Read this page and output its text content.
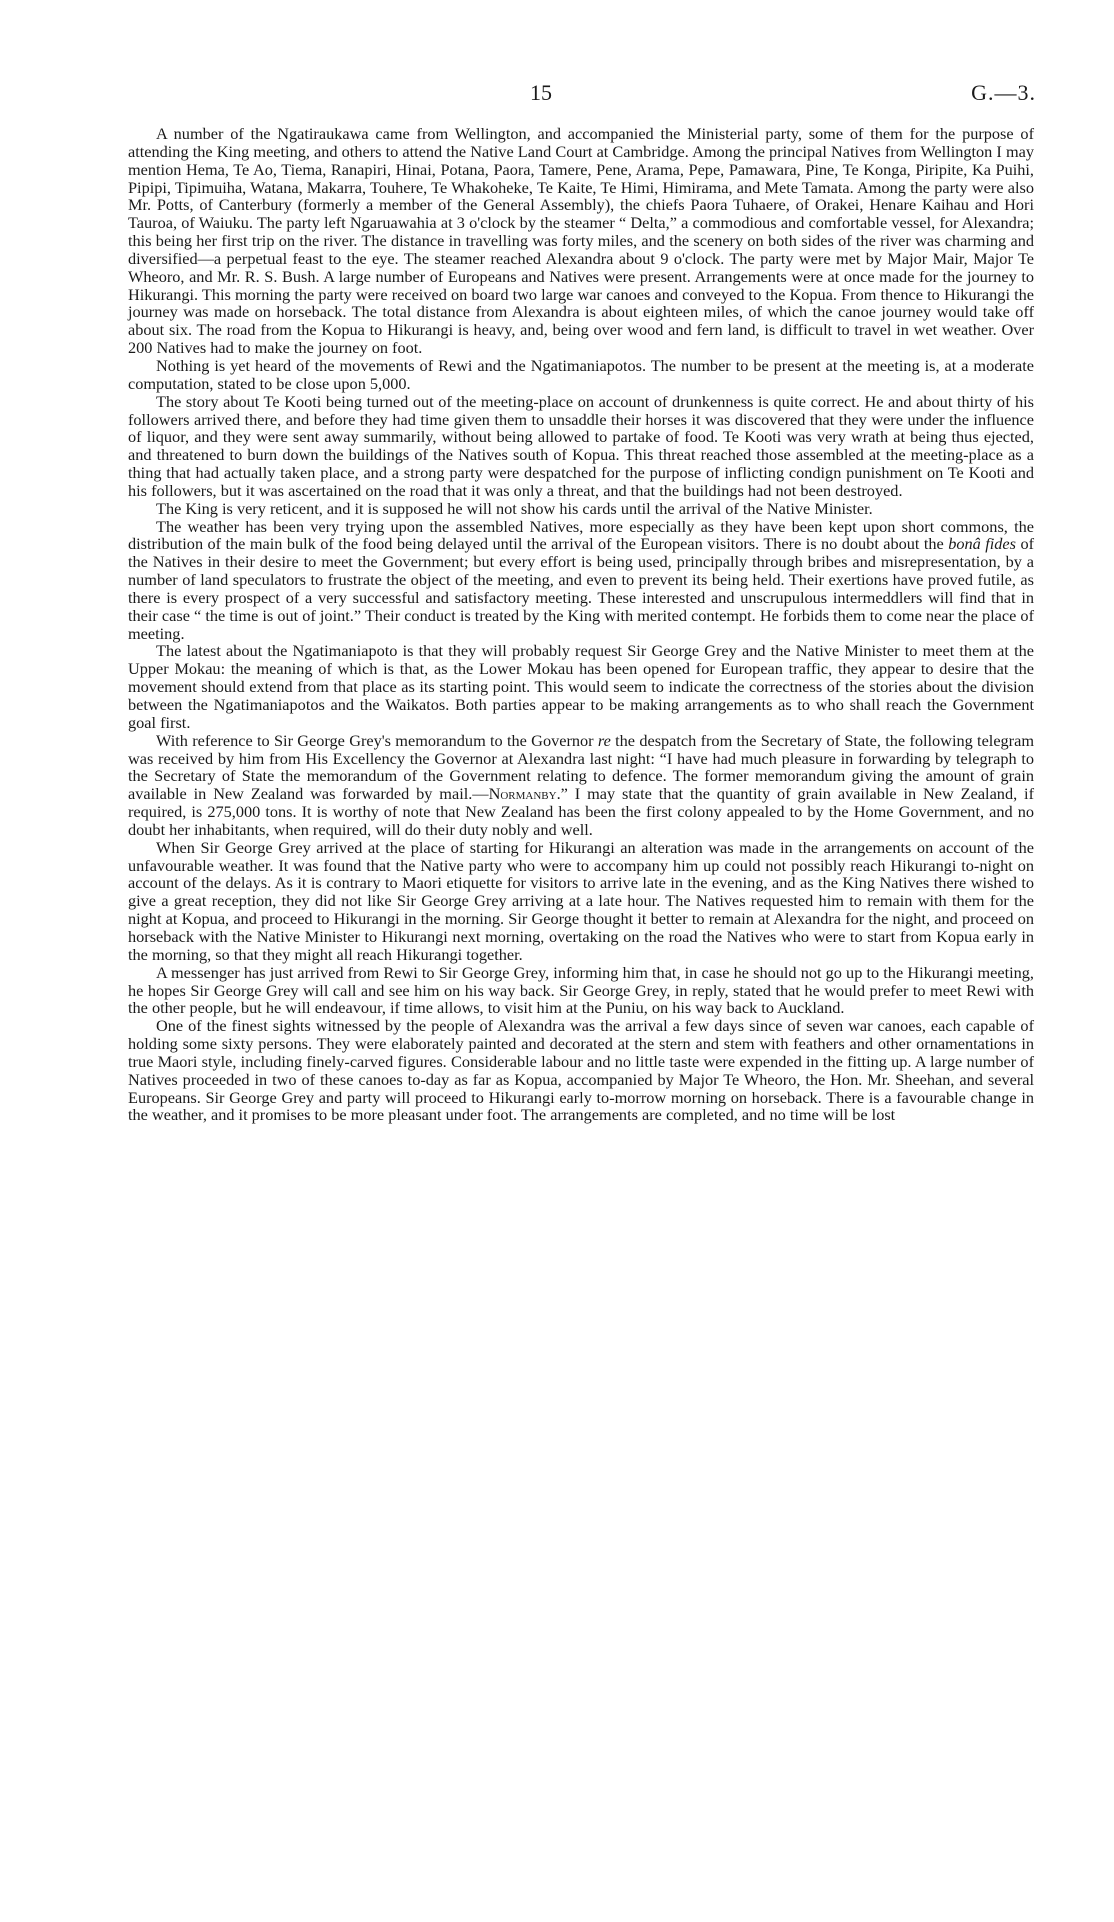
15	G.—3.

A number of the Ngatiraukawa came from Wellington, and accompanied the Ministerial party, some of them for the purpose of attending the King meeting, and others to attend the Native Land Court at Cambridge. Among the principal Natives from Wellington I may mention Hema, Te Ao, Tiema, Ranapiri, Hinai, Potana, Paora, Tamere, Pene, Arama, Pepe, Pamawara, Pine, Te Konga, Piripite, Ka Puihi, Pipipi, Tipimuiha, Watana, Makarra, Touhere, Te Whakoheke, Te Kaite, Te Himi, Himirama, and Mete Tamata. Among the party were also Mr. Potts, of Canterbury (formerly a member of the General Assembly), the chiefs Paora Tuhaere, of Orakei, Henare Kaihau and Hori Tauroa, of Waiuku. The party left Ngaruawahia at 3 o'clock by the steamer “ Delta,” a commodious and comfortable vessel, for Alexandra; this being her first trip on the river. The distance in travelling was forty miles, and the scenery on both sides of the river was charming and diversified—a perpetual feast to the eye. The steamer reached Alexandra about 9 o'clock. The party were met by Major Mair, Major Te Wheoro, and Mr. R. S. Bush. A large number of Europeans and Natives were present. Arrangements were at once made for the journey to Hikurangi. This morning the party were received on board two large war canoes and conveyed to the Kopua. From thence to Hikurangi the journey was made on horseback. The total distance from Alexandra is about eighteen miles, of which the canoe journey would take off about six. The road from the Kopua to Hikurangi is heavy, and, being over wood and fern land, is difficult to travel in wet weather. Over 200 Natives had to make the journey on foot.

Nothing is yet heard of the movements of Rewi and the Ngatimaniapotos. The number to be present at the meeting is, at a moderate computation, stated to be close upon 5,000.

The story about Te Kooti being turned out of the meeting-place on account of drunkenness is quite correct. He and about thirty of his followers arrived there, and before they had time given them to unsaddle their horses it was discovered that they were under the influence of liquor, and they were sent away summarily, without being allowed to partake of food. Te Kooti was very wrath at being thus ejected, and threatened to burn down the buildings of the Natives south of Kopua. This threat reached those assembled at the meeting-place as a thing that had actually taken place, and a strong party were despatched for the purpose of inflicting condign punishment on Te Kooti and his followers, but it was ascertained on the road that it was only a threat, and that the buildings had not been destroyed.

The King is very reticent, and it is supposed he will not show his cards until the arrival of the Native Minister.

The weather has been very trying upon the assembled Natives, more especially as they have been kept upon short commons, the distribution of the main bulk of the food being delayed until the arrival of the European visitors. There is no doubt about the bonâ fides of the Natives in their desire to meet the Government; but every effort is being used, principally through bribes and misrepresentation, by a number of land speculators to frustrate the object of the meeting, and even to prevent its being held. Their exertions have proved futile, as there is every prospect of a very successful and satisfactory meeting. These interested and unscrupulous intermeddlers will find that in their case “ the time is out of joint.” Their conduct is treated by the King with merited contempt. He forbids them to come near the place of meeting.

The latest about the Ngatimaniapoto is that they will probably request Sir George Grey and the Native Minister to meet them at the Upper Mokau: the meaning of which is that, as the Lower Mokau has been opened for European traffic, they appear to desire that the movement should extend from that place as its starting point. This would seem to indicate the correctness of the stories about the division between the Ngatimaniapotos and the Waikatos. Both parties appear to be making arrangements as to who shall reach the Government goal first.

With reference to Sir George Grey's memorandum to the Governor re the despatch from the Secretary of State, the following telegram was received by him from His Excellency the Governor at Alexandra last night: “I have had much pleasure in forwarding by telegraph to the Secretary of State the memorandum of the Government relating to defence. The former memorandum giving the amount of grain available in New Zealand was forwarded by mail.—Normanby.” I may state that the quantity of grain available in New Zealand, if required, is 275,000 tons. It is worthy of note that New Zealand has been the first colony appealed to by the Home Government, and no doubt her inhabitants, when required, will do their duty nobly and well.

When Sir George Grey arrived at the place of starting for Hikurangi an alteration was made in the arrangements on account of the unfavourable weather. It was found that the Native party who were to accompany him up could not possibly reach Hikurangi to-night on account of the delays. As it is contrary to Maori etiquette for visitors to arrive late in the evening, and as the King Natives there wished to give a great reception, they did not like Sir George Grey arriving at a late hour. The Natives requested him to remain with them for the night at Kopua, and proceed to Hikurangi in the morning. Sir George thought it better to remain at Alexandra for the night, and proceed on horseback with the Native Minister to Hikurangi next morning, overtaking on the road the Natives who were to start from Kopua early in the morning, so that they might all reach Hikurangi together.

A messenger has just arrived from Rewi to Sir George Grey, informing him that, in case he should not go up to the Hikurangi meeting, he hopes Sir George Grey will call and see him on his way back. Sir George Grey, in reply, stated that he would prefer to meet Rewi with the other people, but he will endeavour, if time allows, to visit him at the Puniu, on his way back to Auckland.

One of the finest sights witnessed by the people of Alexandra was the arrival a few days since of seven war canoes, each capable of holding some sixty persons. They were elaborately painted and decorated at the stern and stem with feathers and other ornamentations in true Maori style, including finely-carved figures. Considerable labour and no little taste were expended in the fitting up. A large number of Natives proceeded in two of these canoes to-day as far as Kopua, accompanied by Major Te Wheoro, the Hon. Mr. Sheehan, and several Europeans. Sir George Grey and party will proceed to Hikurangi early to-morrow morning on horseback. There is a favourable change in the weather, and it promises to be more pleasant under foot. The arrangements are completed, and no time will be lost
